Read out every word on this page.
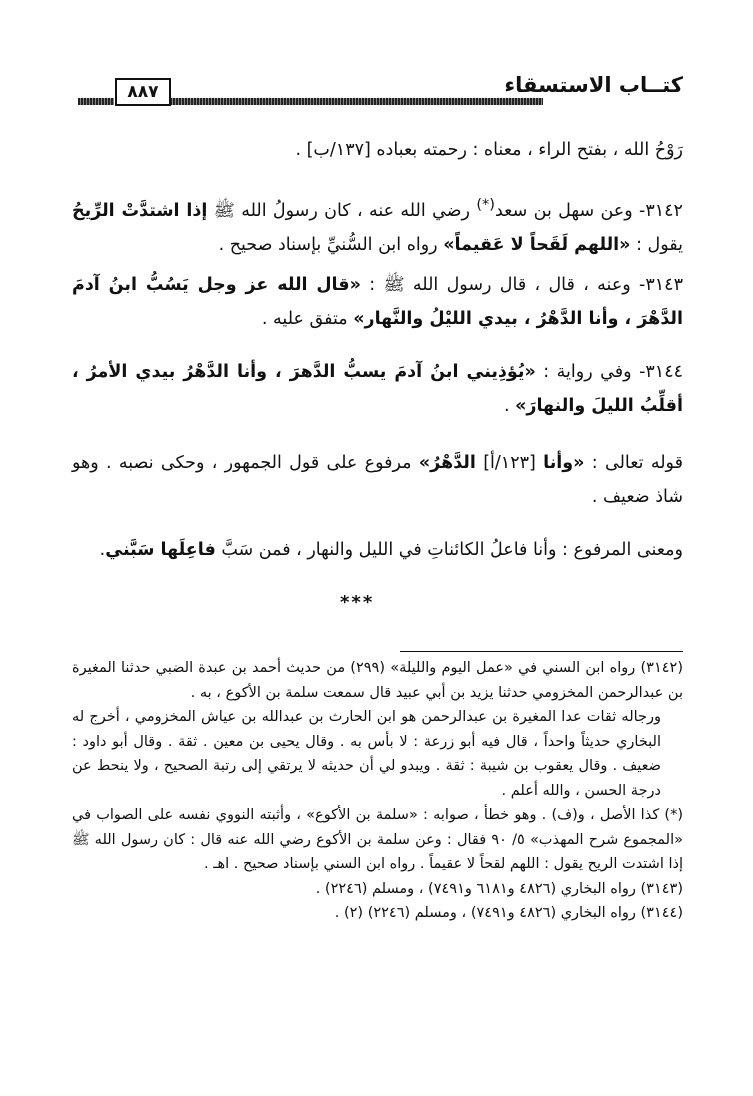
كتــاب الاستسقاء
٨٨٧

رَوْحُ الله ، بفتح الراء ، معناه : رحمته بعباده [١٣٧/ب] .

٣١٤٢- وعن سهل بن سعد(*) رضي الله عنه ، كان رسولُ الله ﷺ إذا اشتدَّتْ الرِّيحُ يقول : «اللهم لَقَحاً لا عَقيماً» رواه ابن السُّنيِّ بإسناد صحيح .

٣١٤٣- وعنه ، قال ، قال رسول الله ﷺ : «قال الله عز وجل يَسُبُّ ابنُ آدمَ الدَّهْرَ ، وأنا الدَّهْرُ ، بيدي الليْلُ والنَّهار» متفق عليه .

٣١٤٤- وفي رواية : «يُؤذِيني ابنُ آدمَ يسبُّ الدَّهرَ ، وأنا الدَّهْرُ بيدي الأمرُ ، أقلِّبُ الليلَ والنهارَ» .

قوله تعالى : «وأنا [١٢٣/أ] الدَّهْرُ» مرفوع على قول الجمهور ، وحكى نصبه . وهو شاذ ضعيف .

ومعنى المرفوع : وأنا فاعلُ الكائناتِ في الليل والنهار ، فمن سَبَّ فاعِلَها سَبَّني.

***

(٣١٤٢) رواه ابن السني في «عمل اليوم والليلة» (٢٩٩) من حديث أحمد بن عبدة الضبي حدثنا المغيرة بن عبدالرحمن المخزومي حدثنا يزيد بن أبي عبيد قال سمعت سلمة بن الأكوع ، به .

ورجاله ثقات عدا المغيرة بن عبدالرحمن هو ابن الحارث بن عبدالله بن عياش المخزومي ، أخرج له البخاري حديثاً واحداً ، قال فيه أبو زرعة : لا بأس به . وقال يحيى بن معين . ثقة . وقال أبو داود : ضعيف . وقال يعقوب بن شيبة : ثقة . ويبدو لي أن حديثه لا يرتقي إلى رتبة الصحيح ، ولا ينحط عن درجة الحسن ، والله أعلم .

(*) كذا الأصل ، و(ف) . وهو خطأ ، صوابه : «سلمة بن الأكوع» ، وأثبته النووي نفسه على الصواب في «المجموع شرح المهذب» ٥/ ٩٠ فقال : وعن سلمة بن الأكوع رضي الله عنه قال : كان رسول الله ﷺ إذا اشتدت الريح يقول : اللهم لقحاً لا عقيماً . رواه ابن السني بإسناد صحيح . اهـ .

(٣١٤٣) رواه البخاري (٤٨٢٦ و٦١٨١ و٧٤٩١) ، ومسلم (٢٢٤٦) .

(٣١٤٤) رواه البخاري (٤٨٢٦ و٧٤٩١) ، ومسلم (٢٢٤٦) (٢) .
